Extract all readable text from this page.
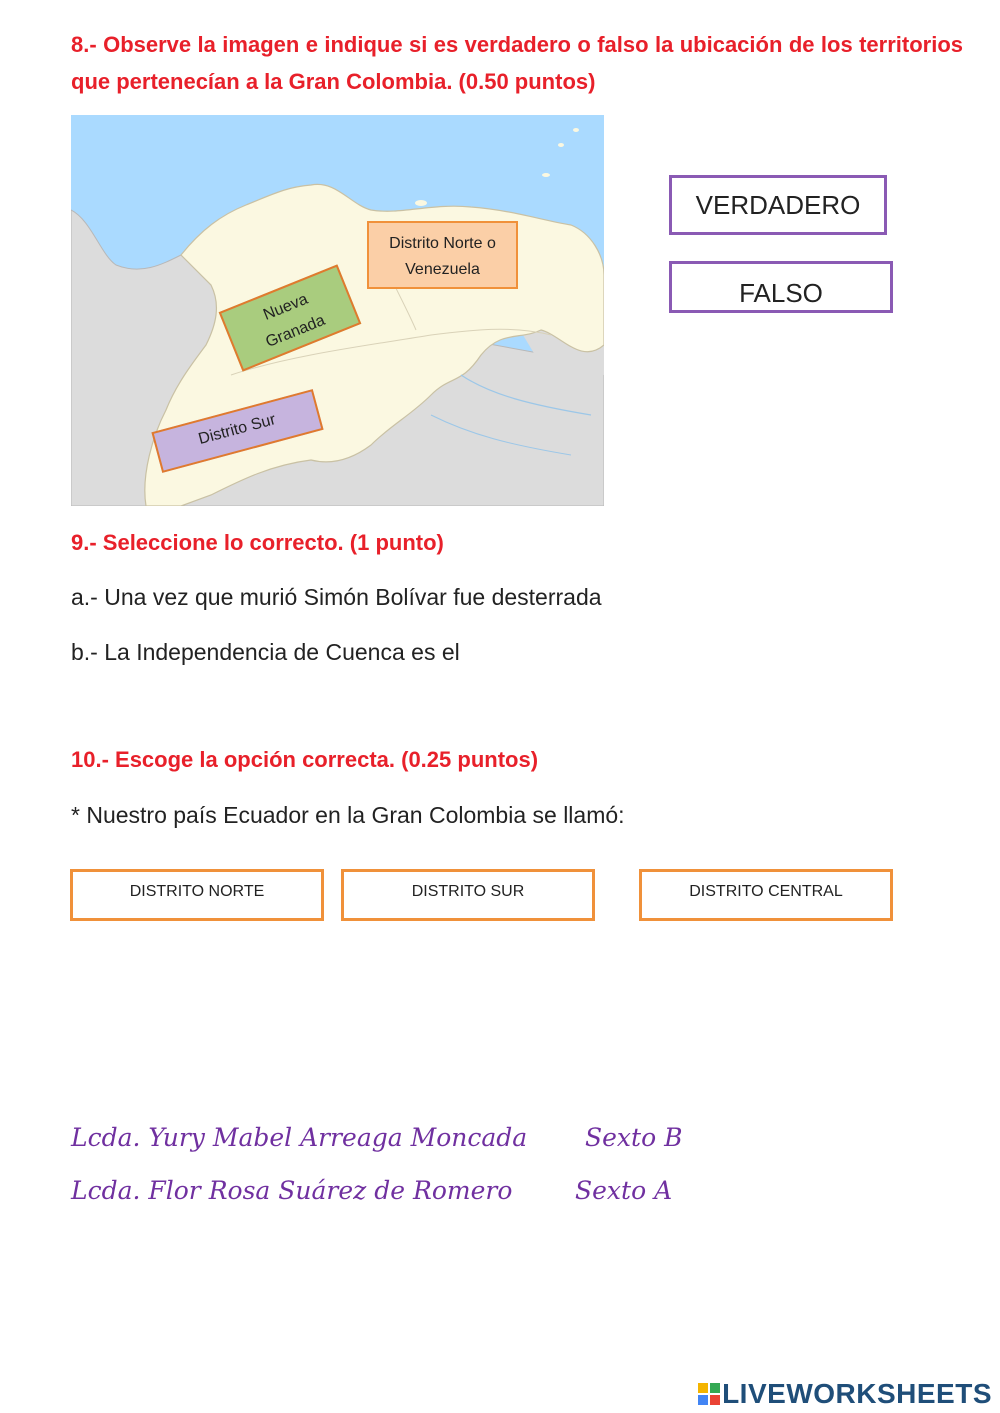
8.- Observe la imagen e indique si es verdadero o falso la ubicación de los territorios que pertenecían a la Gran Colombia. (0.50 puntos)
Distrito Norte o Venezuela
Nueva Granada
Distrito Sur
VERDADERO
FALSO
9.- Seleccione lo correcto. (1 punto)
a.- Una vez que murió Simón Bolívar fue desterrada
b.- La Independencia de Cuenca es el
10.- Escoge la opción correcta. (0.25 puntos)
* Nuestro país Ecuador en la Gran Colombia se llamó:
DISTRITO NORTE	DISTRITO SUR	DISTRITO CENTRAL
Lcda. Yury Mabel Arreaga Moncada Sexto B
Lcda. Flor Rosa Suárez de Romero	Sexto A
LIVEWORKSHEETS
